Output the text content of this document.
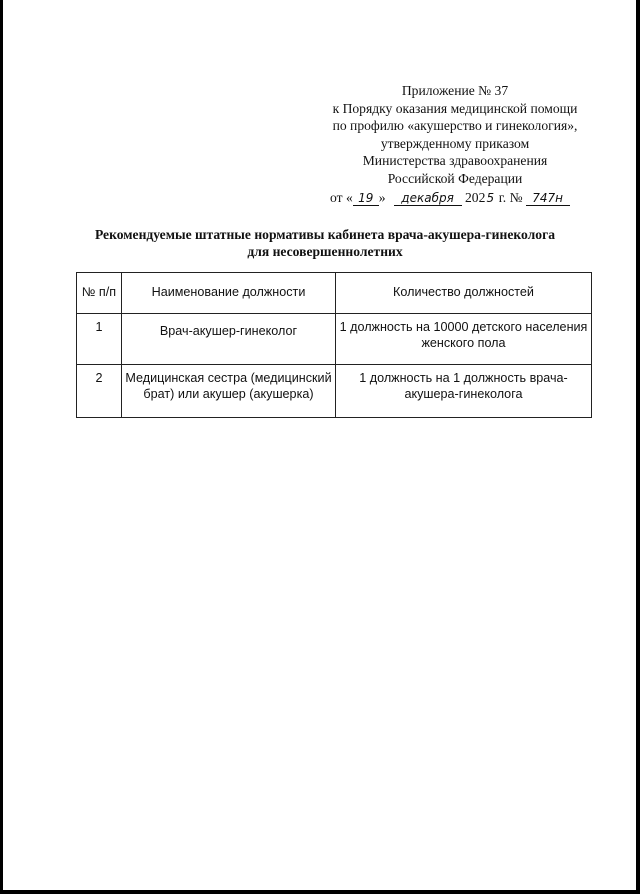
Приложение № 37
к Порядку оказания медицинской помощи
по профилю «акушерство и гинекология»,
утвержденному приказом
Министерства здравоохранения
Российской Федерации
от « 19 » декабря 2025 г. № 747н
Рекомендуемые штатные нормативы кабинета врача-акушера-гинеколога
для несовершеннолетних
№ п/п	Наименование должности	Количество должностей
1	Врач-акушер-гинеколог	1 должность на 10000 детского населения женского пола
2	Медицинская сестра (медицинский брат) или акушер (акушерка)	1 должность на 1 должность врача-акушера-гинеколога
